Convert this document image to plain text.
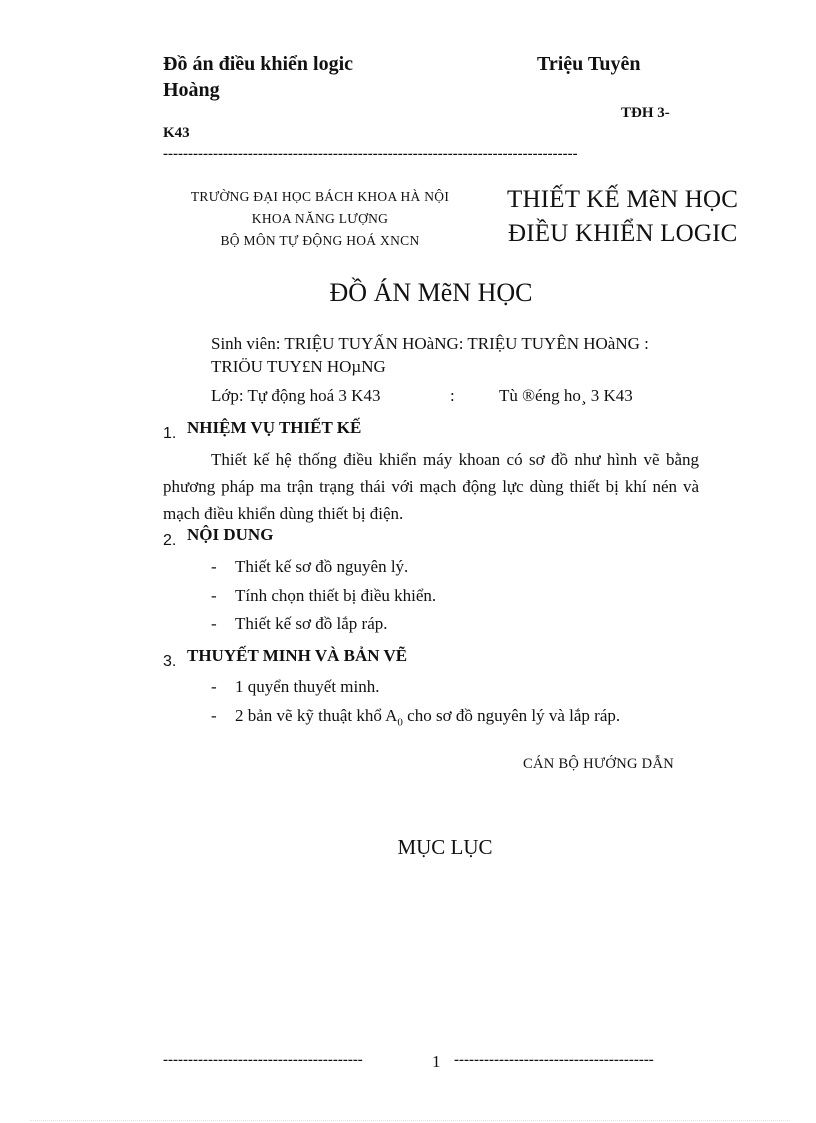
Đồ án điều khiển logic	Triệu Tuyên
Hoàng
TĐH 3-
K43
-----------------------------------------------------------------------------------
TRƯỜNG ĐẠI HỌC BÁCH KHOA HÀ NỘI
KHOA NĂNG LƯỢNG
BỘ MÔN TỰ ĐỘNG HOÁ XNCN
THIẾT KẾ MẽN HỌC
ĐIỀU KHIỂN LOGIC
ĐỒ ÁN MẽN HỌC
Sinh viên: TRIỆU TUYẤN HOàNG: TRIỆU TUYÊN HOàNG :
TRIÖU TUY£N HOµNG
Lớp: Tự động hoá 3 K43	:	Tù ®éng ho¸ 3 K43
1. NHIỆM VỤ THIẾT KẾ
Thiết kế hệ thống điều khiển máy khoan có sơ đồ như hình vẽ bằng phương pháp ma trận trạng thái với mạch động lực dùng thiết bị khí nén và mạch điều khiển dùng thiết bị điện.
2. NỘI DUNG
- Thiết kế sơ đồ nguyên lý.
- Tính chọn thiết bị điều khiển.
- Thiết kế sơ đồ lắp ráp.
3. THUYẾT MINH VÀ BẢN VẼ
- 1 quyển thuyết minh.
- 2 bản vẽ kỹ thuật khổ $A_0$ cho sơ đồ nguyên lý và lắp ráp.
CÁN BỘ HƯỚNG DẪN
MỤC LỤC
----------------------------------------	1 ----------------------------------------
